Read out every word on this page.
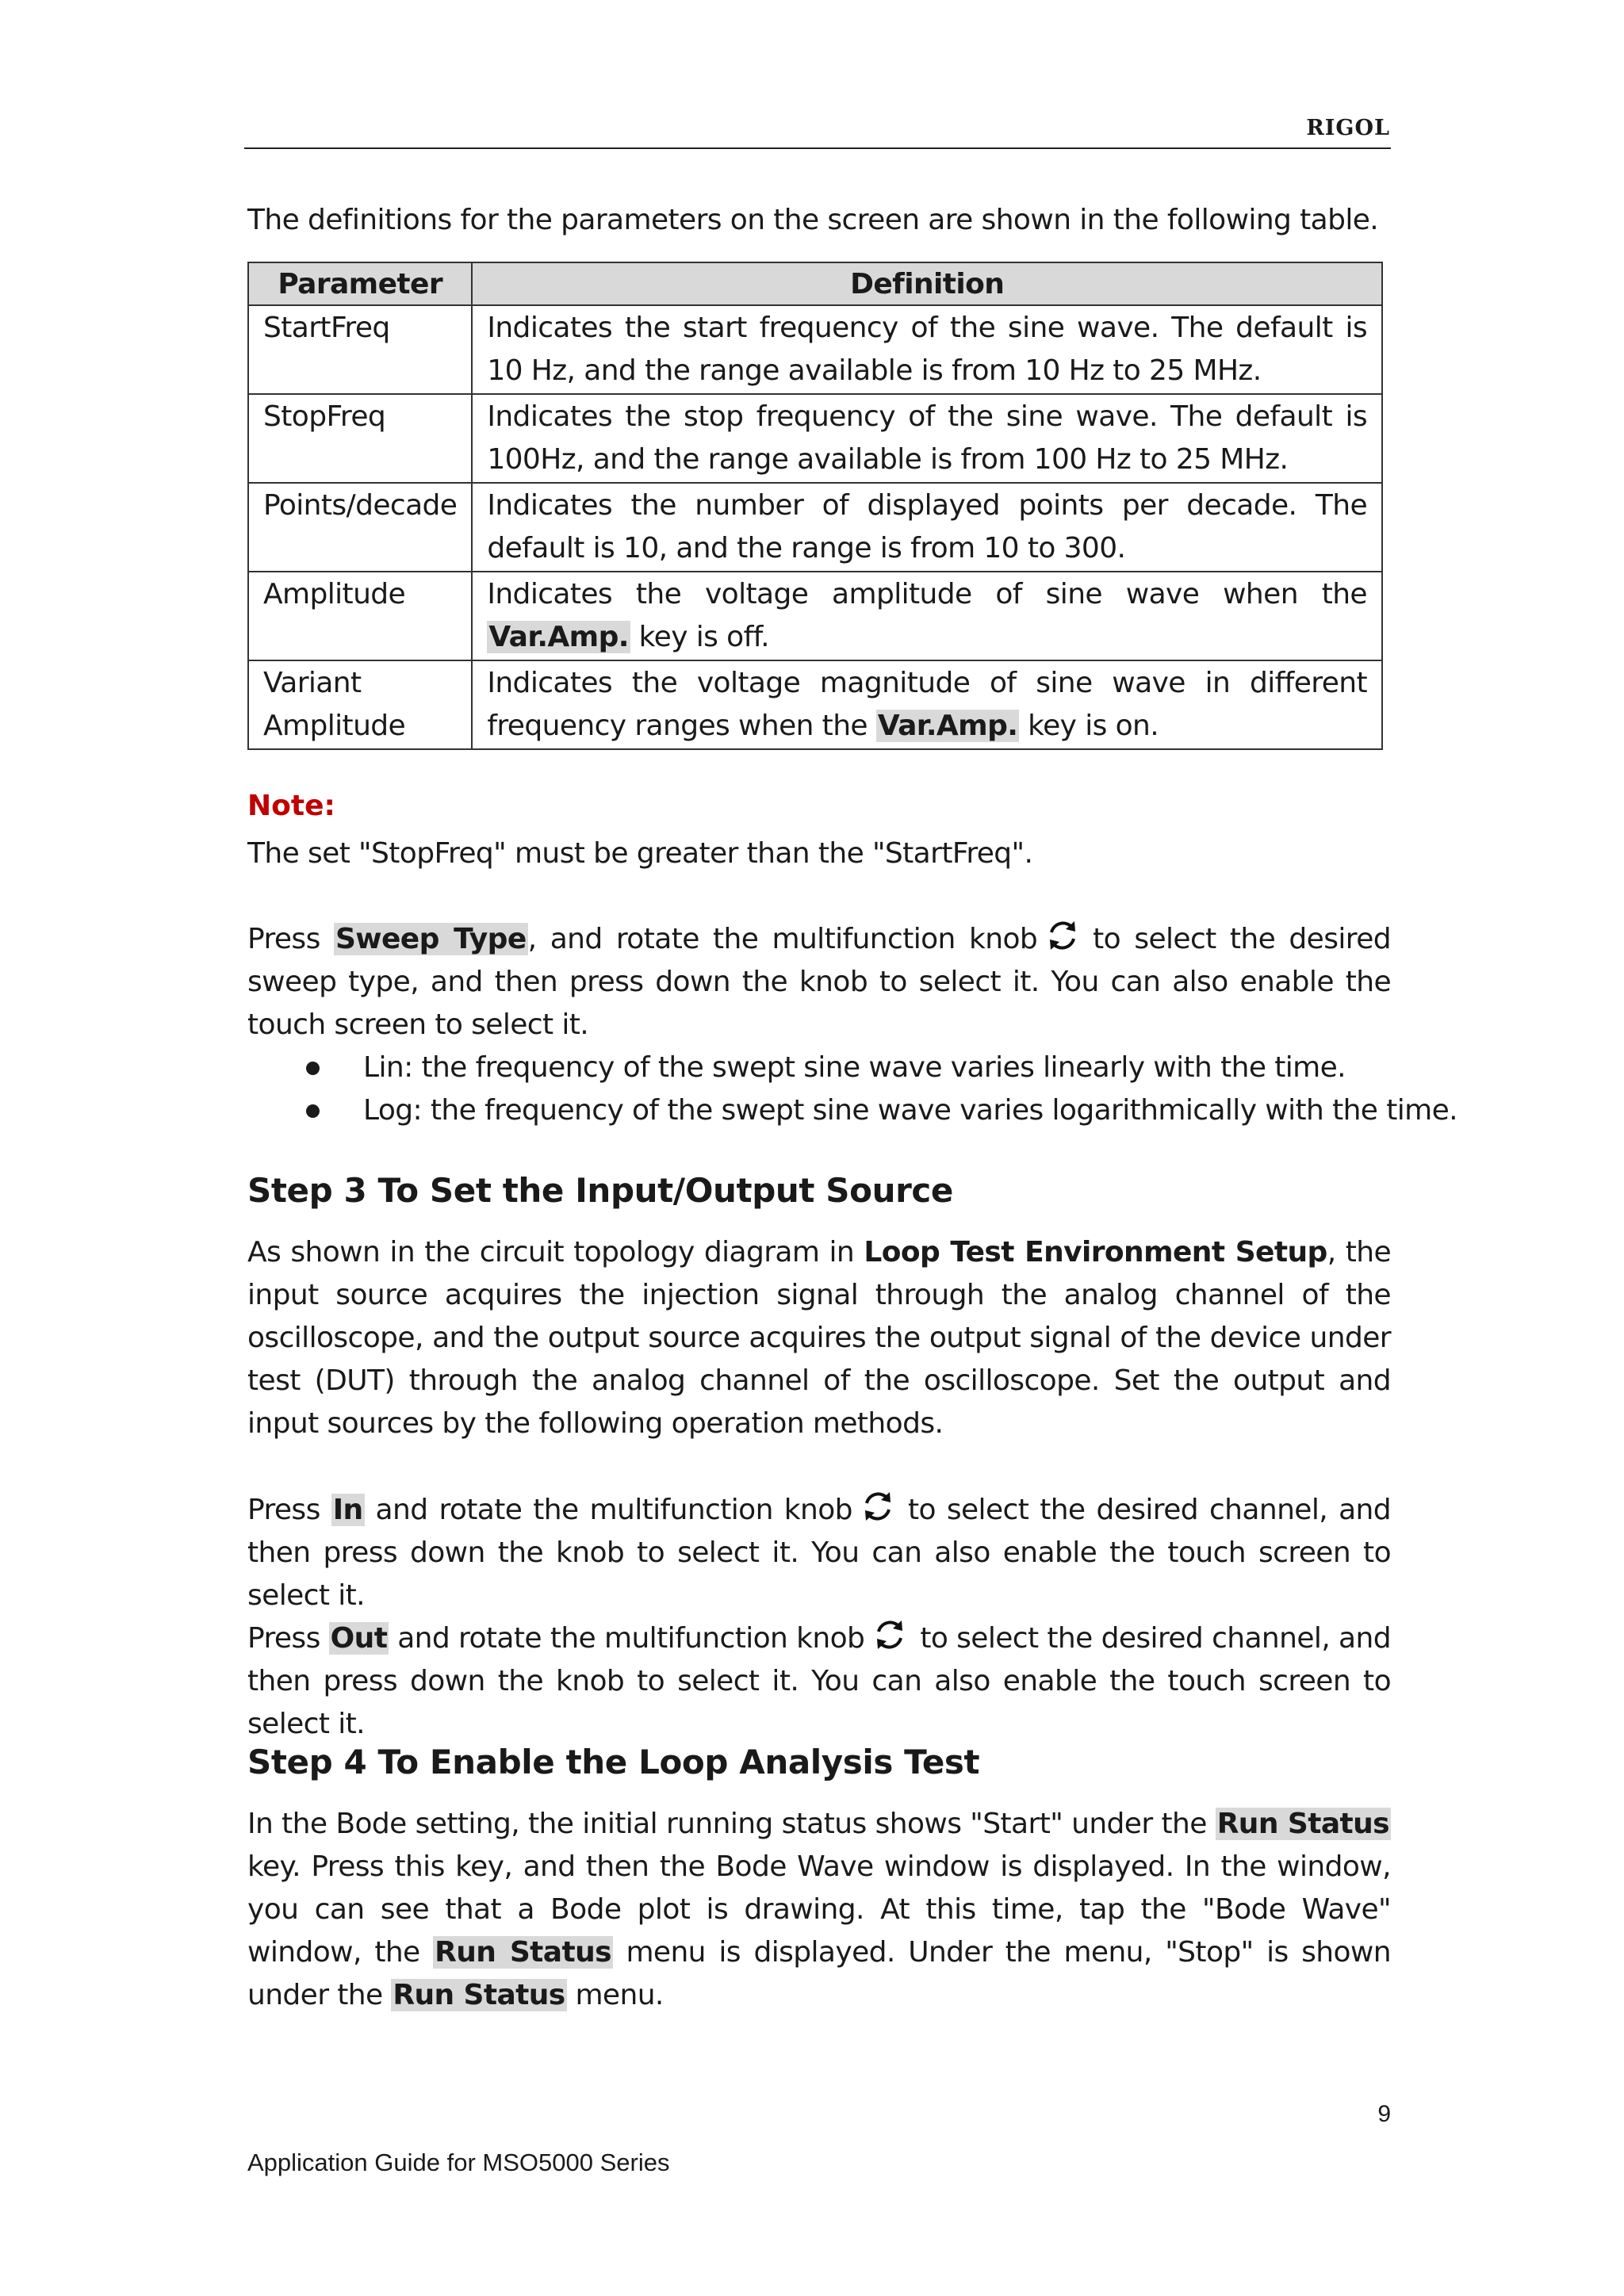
RIGOL

The definitions for the parameters on the screen are shown in the following table.

Parameter	Definition
StartFreq	Indicates the start frequency of the sine wave. The default is 10 Hz, and the range available is from 10 Hz to 25 MHz.
StopFreq	Indicates the stop frequency of the sine wave. The default is 100Hz, and the range available is from 100 Hz to 25 MHz.
Points/decade	Indicates the number of displayed points per decade. The default is 10, and the range is from 10 to 300.
Amplitude	Indicates the voltage amplitude of sine wave when the Var.Amp. key is off.
Variant
Amplitude	Indicates the voltage magnitude of sine wave in different frequency ranges when the Var.Amp. key is on.
Note:

The set "StopFreq" must be greater than the "StartFreq".

Press Sweep Type, and rotate the multifunction knob to select the desired sweep type, and then press down the knob to select it. You can also enable the touch screen to select it.

Lin: the frequency of the swept sine wave varies linearly with the time.
Log: the frequency of the swept sine wave varies logarithmically with the time.
Step 3 To Set the Input/Output Source

As shown in the circuit topology diagram in Loop Test Environment Setup, the input source acquires the injection signal through the analog channel of the oscilloscope, and the output source acquires the output signal of the device under test (DUT) through the analog channel of the oscilloscope. Set the output and input sources by the following operation methods.

Press In and rotate the multifunction knob to select the desired channel, and then press down the knob to select it. You can also enable the touch screen to select it.

Press Out and rotate the multifunction knob to select the desired channel, and then press down the knob to select it. You can also enable the touch screen to select it.

Step 4 To Enable the Loop Analysis Test

In the Bode setting, the initial running status shows "Start" under the Run Status key. Press this key, and then the Bode Wave window is displayed. In the window, you can see that a Bode plot is drawing. At this time, tap the "Bode Wave" window, the Run Status menu is displayed. Under the menu, "Stop" is shown under the Run Status menu.

9
Application Guide for MSO5000 Series
